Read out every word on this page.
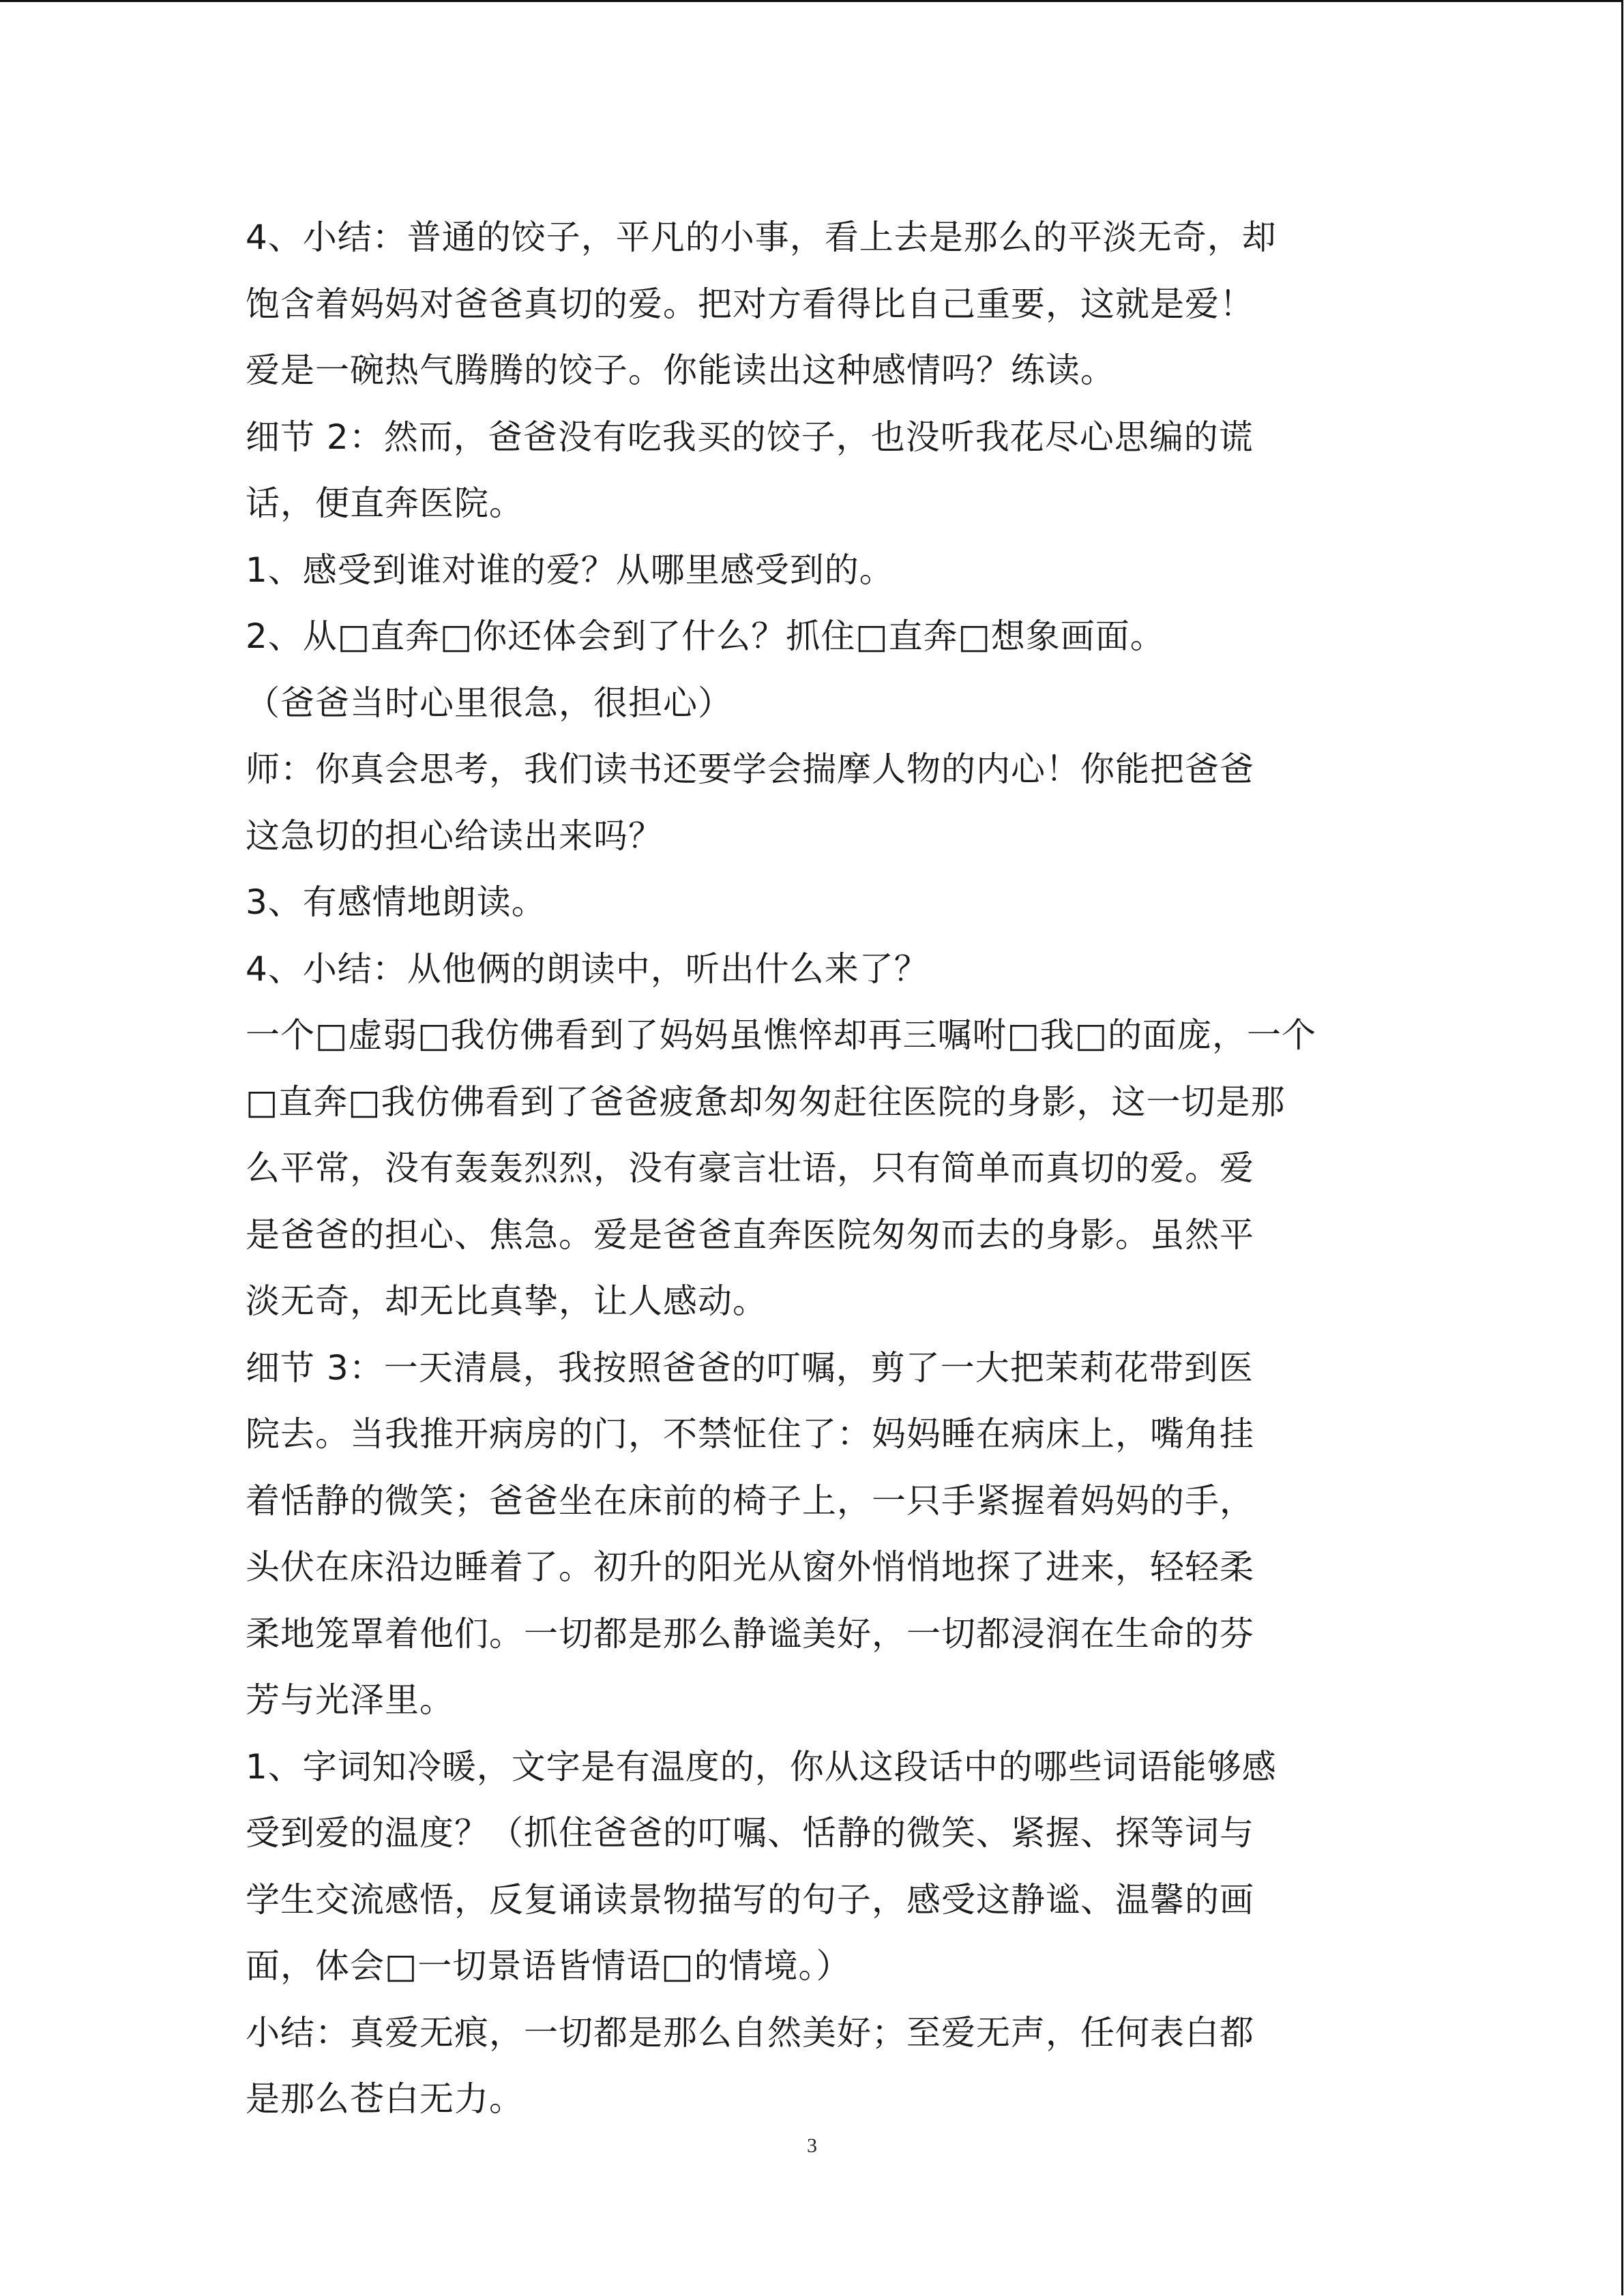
4、小结：普通的饺子，平凡的小事，看上去是那么的平淡无奇，却
饱含着妈妈对爸爸真切的爱。把对方看得比自己重要，这就是爱！
爱是一碗热气腾腾的饺子。你能读出这种感情吗？练读。
细节 2：然而，爸爸没有吃我买的饺子，也没听我花尽心思编的谎
话，便直奔医院。
1、感受到谁对谁的爱？从哪里感受到的。
2、从□直奔□你还体会到了什么？抓住□直奔□想象画面。
（爸爸当时心里很急，很担心）
师：你真会思考，我们读书还要学会揣摩人物的内心！你能把爸爸
这急切的担心给读出来吗？
3、有感情地朗读。
4、小结：从他俩的朗读中，听出什么来了？
一个□虚弱□我仿佛看到了妈妈虽憔悴却再三嘱咐□我□的面庞，一个
□直奔□我仿佛看到了爸爸疲惫却匆匆赶往医院的身影，这一切是那
么平常，没有轰轰烈烈，没有豪言壮语，只有简单而真切的爱。爱
是爸爸的担心、焦急。爱是爸爸直奔医院匆匆而去的身影。虽然平
淡无奇，却无比真挚，让人感动。
细节 3：一天清晨，我按照爸爸的叮嘱，剪了一大把茉莉花带到医
院去。当我推开病房的门，不禁怔住了：妈妈睡在病床上，嘴角挂
着恬静的微笑；爸爸坐在床前的椅子上，一只手紧握着妈妈的手，
头伏在床沿边睡着了。初升的阳光从窗外悄悄地探了进来，轻轻柔
柔地笼罩着他们。一切都是那么静谧美好，一切都浸润在生命的芬
芳与光泽里。
1、字词知冷暖，文字是有温度的，你从这段话中的哪些词语能够感
受到爱的温度？（抓住爸爸的叮嘱、恬静的微笑、紧握、探等词与
学生交流感悟，反复诵读景物描写的句子，感受这静谧、温馨的画
面，体会□一切景语皆情语□的情境。）
小结：真爱无痕，一切都是那么自然美好；至爱无声，任何表白都
是那么苍白无力。
3
